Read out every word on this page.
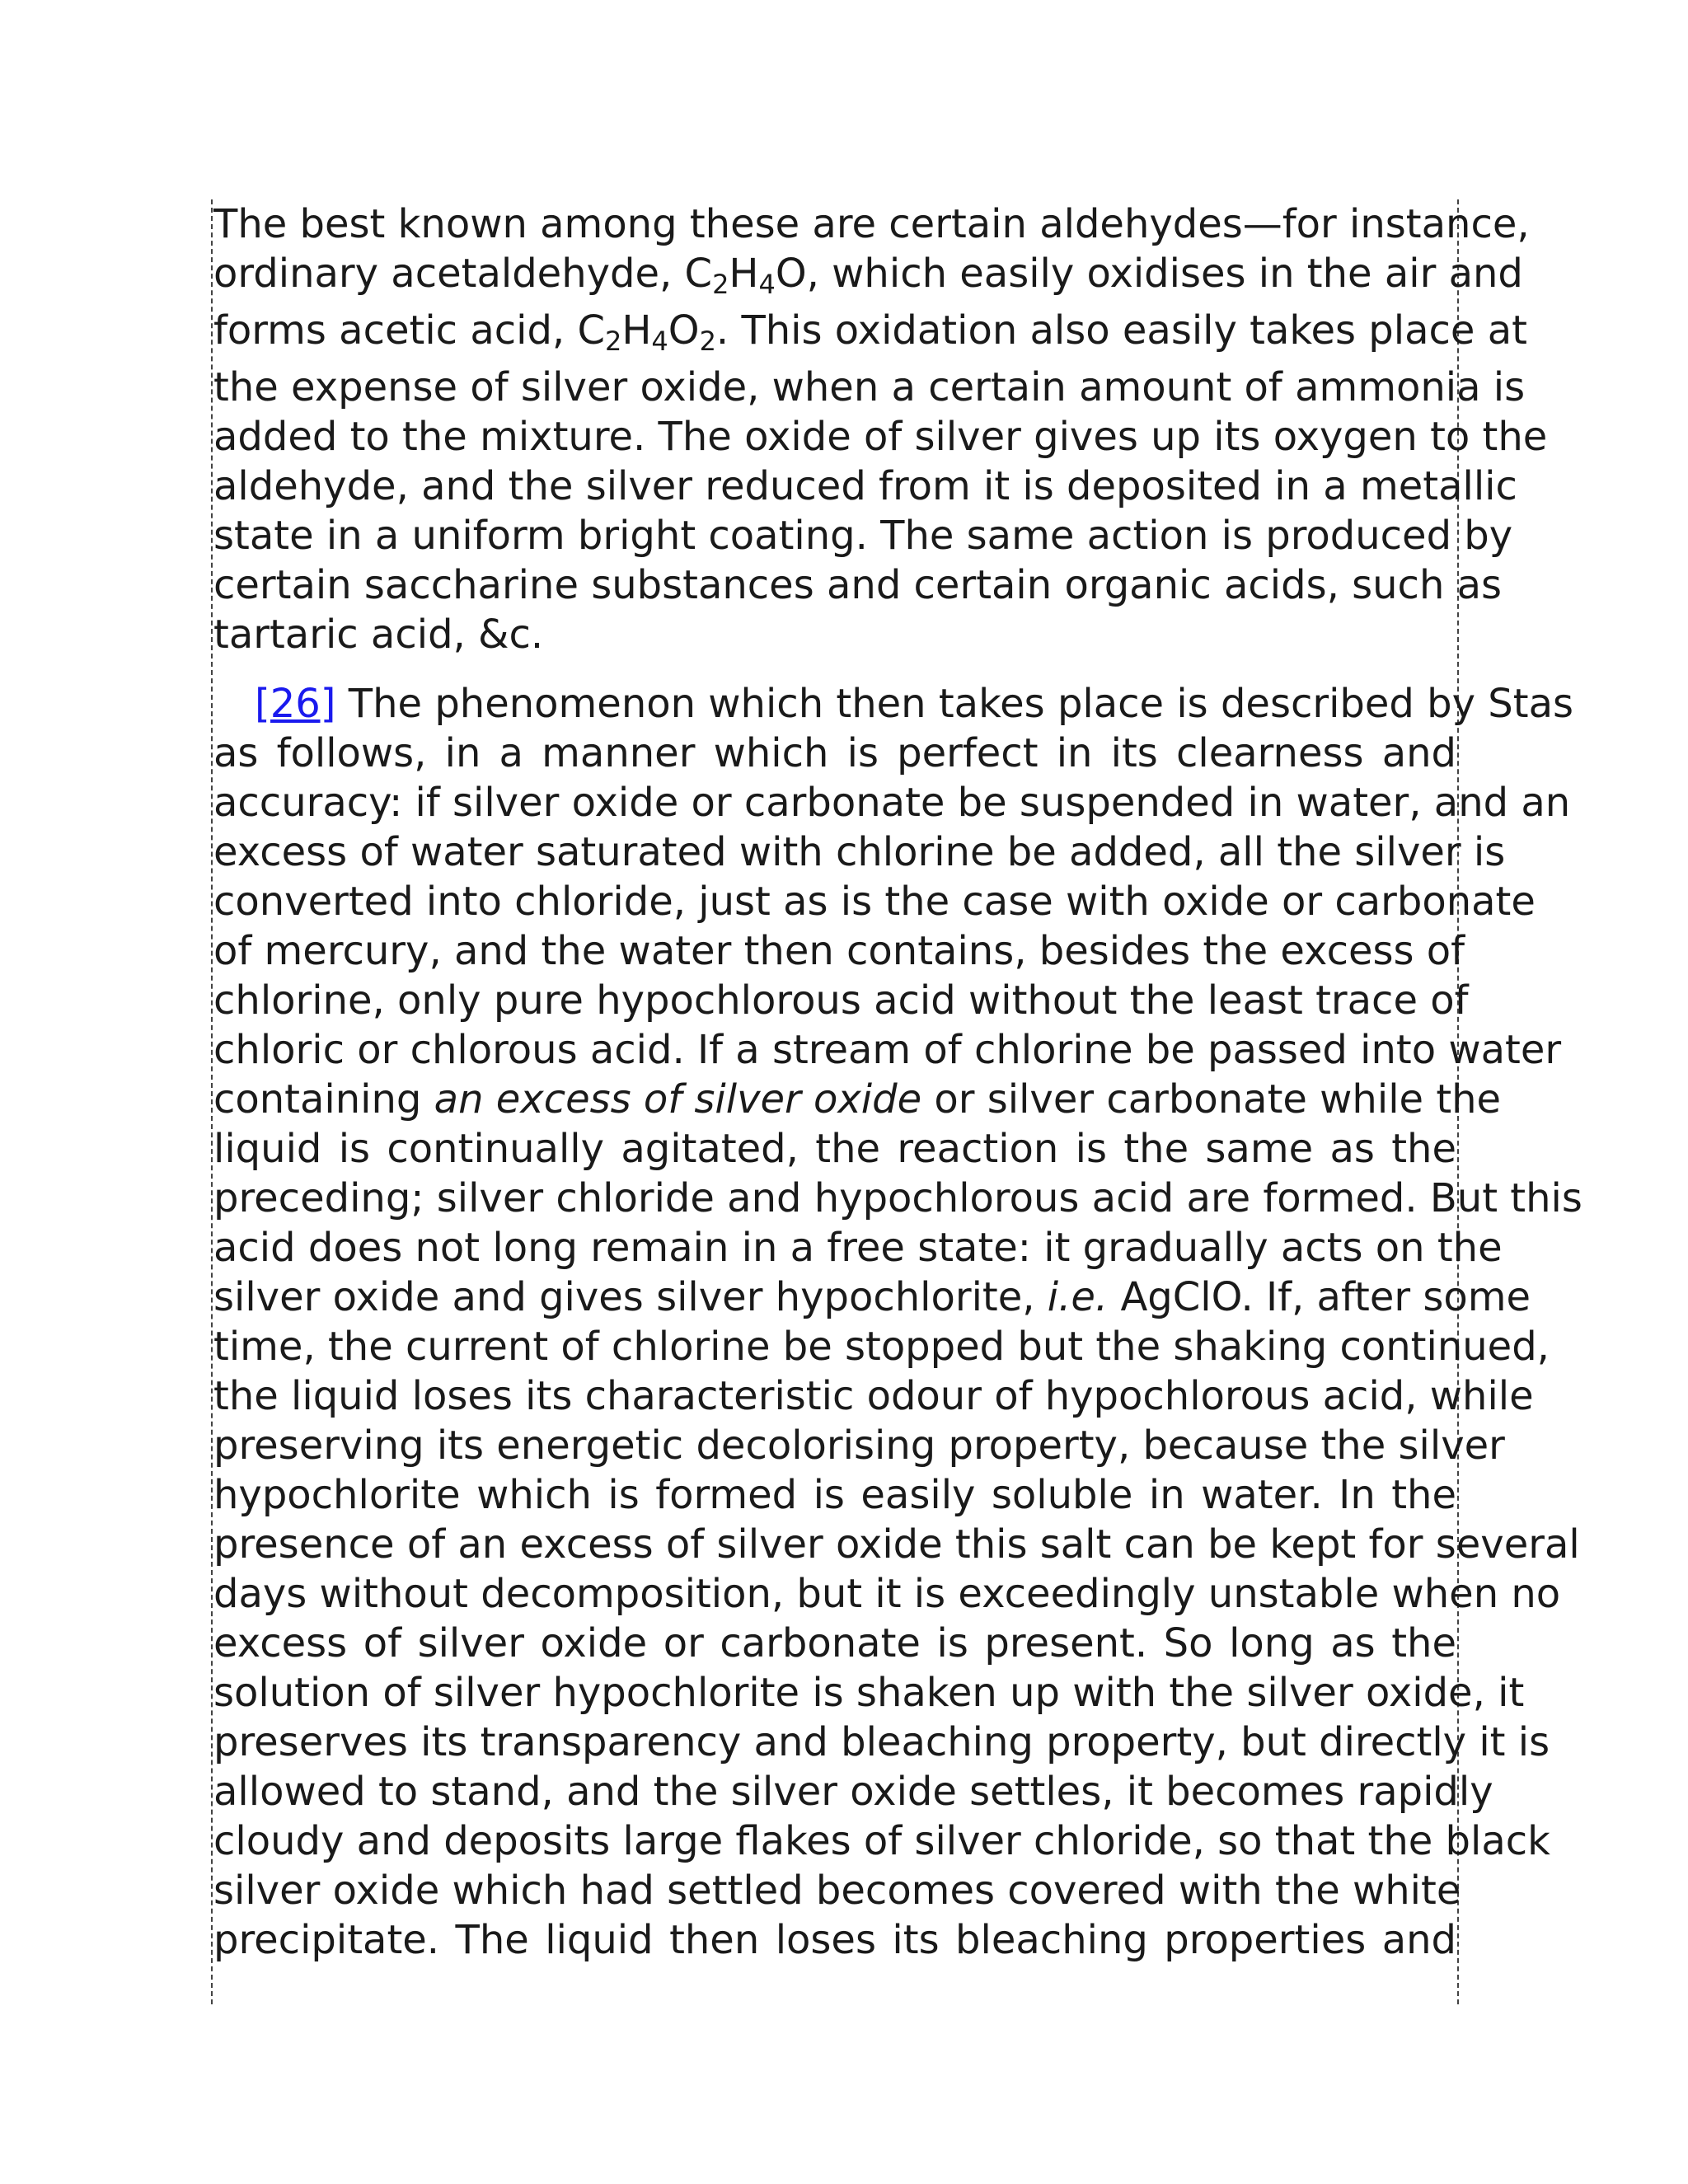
The best known among these are certain aldehydes—for instance,
ordinary acetaldehyde, $C_2H_4O$, which easily oxidises in the air and
forms acetic acid, $C_2H_4O_2$. This oxidation also easily takes place at
the expense of silver oxide, when a certain amount of ammonia is
added to the mixture. The oxide of silver gives up its oxygen to the
aldehyde, and the silver reduced from it is deposited in a metallic
state in a uniform bright coating. The same action is produced by
certain saccharine substances and certain organic acids, such as
tartaric acid, &c.
[26] The phenomenon which then takes place is described by Stas
as follows, in a manner which is perfect in its clearness and
accuracy: if silver oxide or carbonate be suspended in water, and an
excess of water saturated with chlorine be added, all the silver is
converted into chloride, just as is the case with oxide or carbonate
of mercury, and the water then contains, besides the excess of
chlorine, only pure hypochlorous acid without the least trace of
chloric or chlorous acid. If a stream of chlorine be passed into water
containing an excess of silver oxide or silver carbonate while the
liquid is continually agitated, the reaction is the same as the
preceding; silver chloride and hypochlorous acid are formed. But this
acid does not long remain in a free state: it gradually acts on the
silver oxide and gives silver hypochlorite, i.e. AgClO. If, after some
time, the current of chlorine be stopped but the shaking continued,
the liquid loses its characteristic odour of hypochlorous acid, while
preserving its energetic decolorising property, because the silver
hypochlorite which is formed is easily soluble in water. In the
presence of an excess of silver oxide this salt can be kept for several
days without decomposition, but it is exceedingly unstable when no
excess of silver oxide or carbonate is present. So long as the
solution of silver hypochlorite is shaken up with the silver oxide, it
preserves its transparency and bleaching property, but directly it is
allowed to stand, and the silver oxide settles, it becomes rapidly
cloudy and deposits large flakes of silver chloride, so that the black
silver oxide which had settled becomes covered with the white
precipitate. The liquid then loses its bleaching properties and
